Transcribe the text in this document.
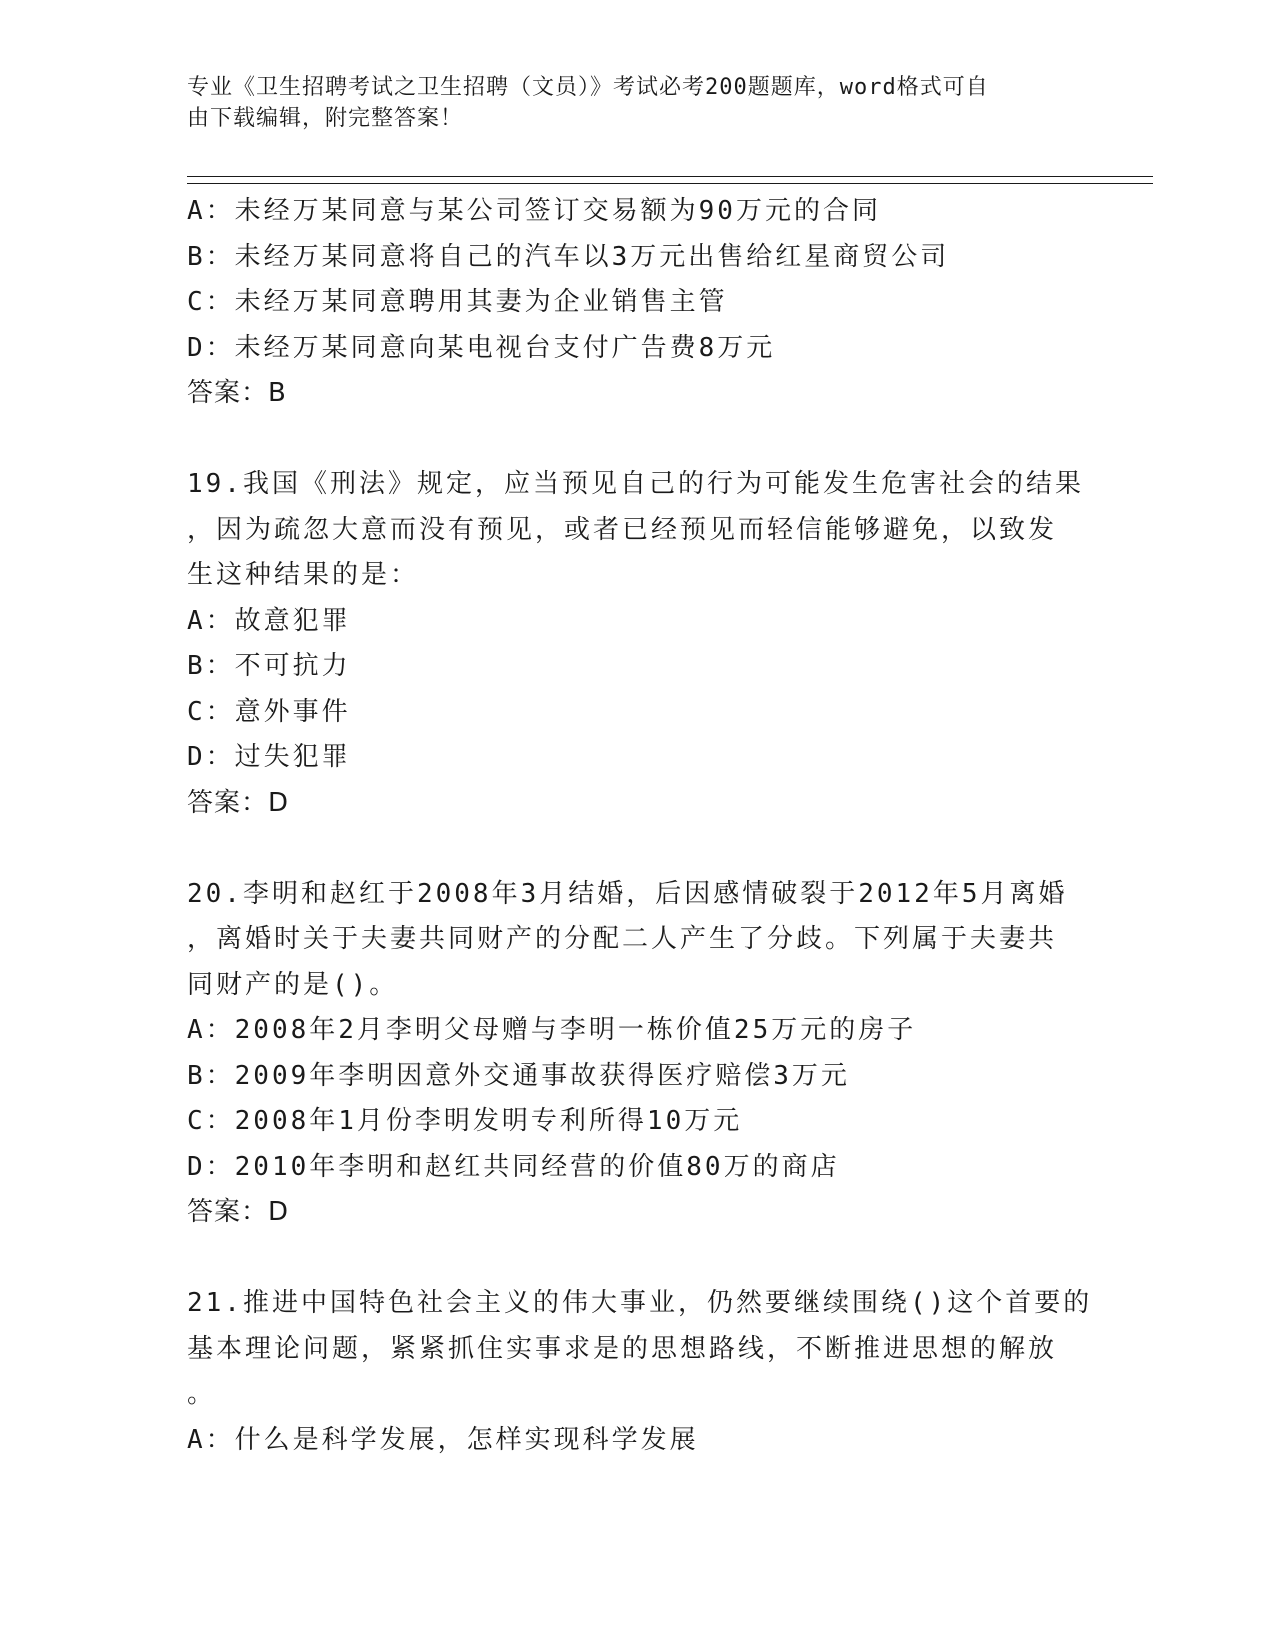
专业《卫生招聘考试之卫生招聘（文员）》考试必考200题题库，word格式可自
由下载编辑，附完整答案！
A：未经万某同意与某公司签订交易额为90万元的合同
B：未经万某同意将自己的汽车以3万元出售给红星商贸公司
C：未经万某同意聘用其妻为企业销售主管
D：未经万某同意向某电视台支付广告费8万元
答案：B
19.我国《刑法》规定，应当预见自己的行为可能发生危害社会的结果
，因为疏忽大意而没有预见，或者已经预见而轻信能够避免，以致发
生这种结果的是：
A：故意犯罪
B：不可抗力
C：意外事件
D：过失犯罪
答案：D
20.李明和赵红于2008年3月结婚，后因感情破裂于2012年5月离婚
，离婚时关于夫妻共同财产的分配二人产生了分歧。下列属于夫妻共
同财产的是()。
A：2008年2月李明父母赠与李明一栋价值25万元的房子
B：2009年李明因意外交通事故获得医疗赔偿3万元
C：2008年1月份李明发明专利所得10万元
D：2010年李明和赵红共同经营的价值80万的商店
答案：D
21.推进中国特色社会主义的伟大事业，仍然要继续围绕()这个首要的
基本理论问题，紧紧抓住实事求是的思想路线，不断推进思想的解放
。
A：什么是科学发展，怎样实现科学发展
